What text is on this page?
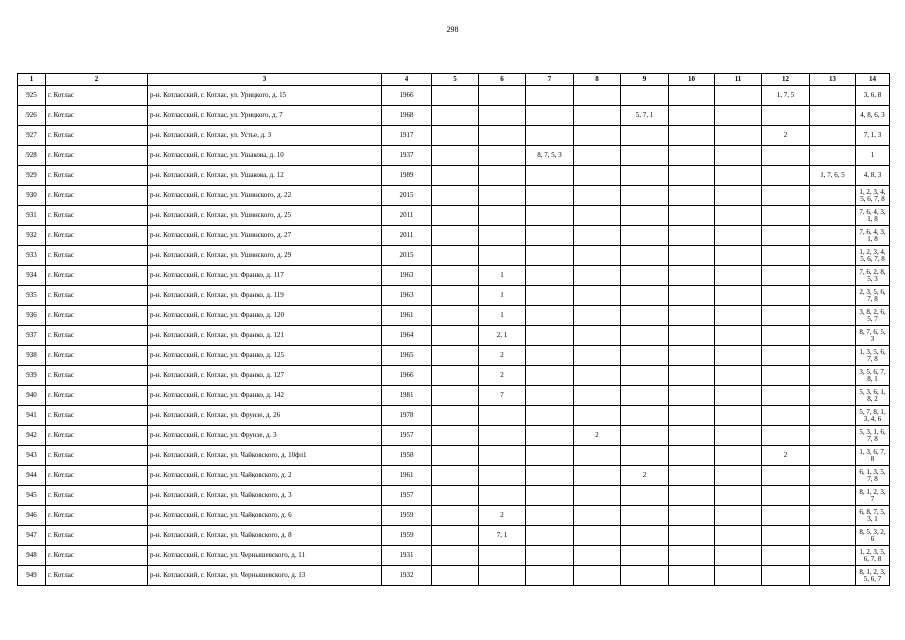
298
1	2	3	4	5	6	7	8	9	10	11	12	13	14
925	г. Котлас	р-н. Котласский, г. Котлас, ул. Урицкого, д. 15	1966								1, 7, 5		3, 6, 8
926	г. Котлас	р-н. Котласский, г. Котлас, ул. Урицкого, д. 7	1968					5, 7, 1					4, 8, 6, 3
927	г. Котлас	р-н. Котласский, г. Котлас, ул. Устье, д. 3	1917								2		7, 1, 3
928	г. Котлас	р-н. Котласский, г. Котлас, ул. Ушакова, д. 10	1937			8, 7, 5, 3							1
929	г. Котлас	р-н. Котласский, г. Котлас, ул. Ушакова, д. 12	1989									1, 7, 6, 5	4, 8, 3
930	г. Котлас	р-н. Котласский, г. Котлас, ул. Ушинского, д. 22	2015										1, 2, 3, 4, 5, 6, 7, 8
931	г. Котлас	р-н. Котласский, г. Котлас, ул. Ушинского, д. 25	2011										7, 6, 4, 3, 1, 8
932	г. Котлас	р-н. Котласский, г. Котлас, ул. Ушинского, д. 27	2011										7, 6, 4, 3, 1, 8
933	г. Котлас	р-н. Котласский, г. Котлас, ул. Ушинского, д. 29	2015										1, 2, 3, 4, 5, 6, 7, 8
934	г. Котлас	р-н. Котласский, г. Котлас, ул. Франко, д. 117	1963		1								7, 6, 2, 8, 5, 3
935	г. Котлас	р-н. Котласский, г. Котлас, ул. Франко, д. 119	1963		1								2, 3, 5, 6, 7, 8
936	г. Котлас	р-н. Котласский, г. Котлас, ул. Франко, д. 120	1961		1								3, 8, 2, 6, 5, 7
937	г. Котлас	р-н. Котласский, г. Котлас, ул. Франко, д. 121	1964		2, 1								8, 7, 6, 5, 3
938	г. Котлас	р-н. Котласский, г. Котлас, ул. Франко, д. 125	1965		2								1, 3, 5, 6, 7, 8
939	г. Котлас	р-н. Котласский, г. Котлас, ул. Франко, д. 127	1966		2								3, 5, 6, 7, 8, 1
940	г. Котлас	р-н. Котласский, г. Котлас, ул. Франко, д. 142	1981		7								5, 3, 6, 1, 8, 2
941	г. Котлас	р-н. Котласский, г. Котлас, ул. Фрунзе, д. 26	1978										5, 7, 8, 1, 3, 4, 6
942	г. Котлас	р-н. Котласский, г. Котлас, ул. Фрунзе, д. 3	1957				2						5, 3, 1, 6, 7, 8
943	г. Котлас	р-н. Котласский, г. Котлас, ул. Чайковского, д. 10фл1	1958								2		1, 3, 6, 7, 8
944	г. Котлас	р-н. Котласский, г. Котлас, ул. Чайковского, д. 2	1961					2					6, 1, 3, 5, 7, 8
945	г. Котлас	р-н. Котласский, г. Котлас, ул. Чайковского, д. 3	1957										8, 1, 2, 3, 7
946	г. Котлас	р-н. Котласский, г. Котлас, ул. Чайковского, д. 6	1959		2								6, 8, 7, 5, 3, 1
947	г. Котлас	р-н. Котласский, г. Котлас, ул. Чайковского, д. 8	1959		7, 1								8, 5, 3, 2, 6
948	г. Котлас	р-н. Котласский, г. Котлас, ул. Чернышевского, д. 11	1931										1, 2, 3, 5, 6, 7, 8
949	г. Котлас	р-н. Котласский, г. Котлас, ул. Чернышевского, д. 13	1932										8, 1, 2, 3, 5, 6, 7
